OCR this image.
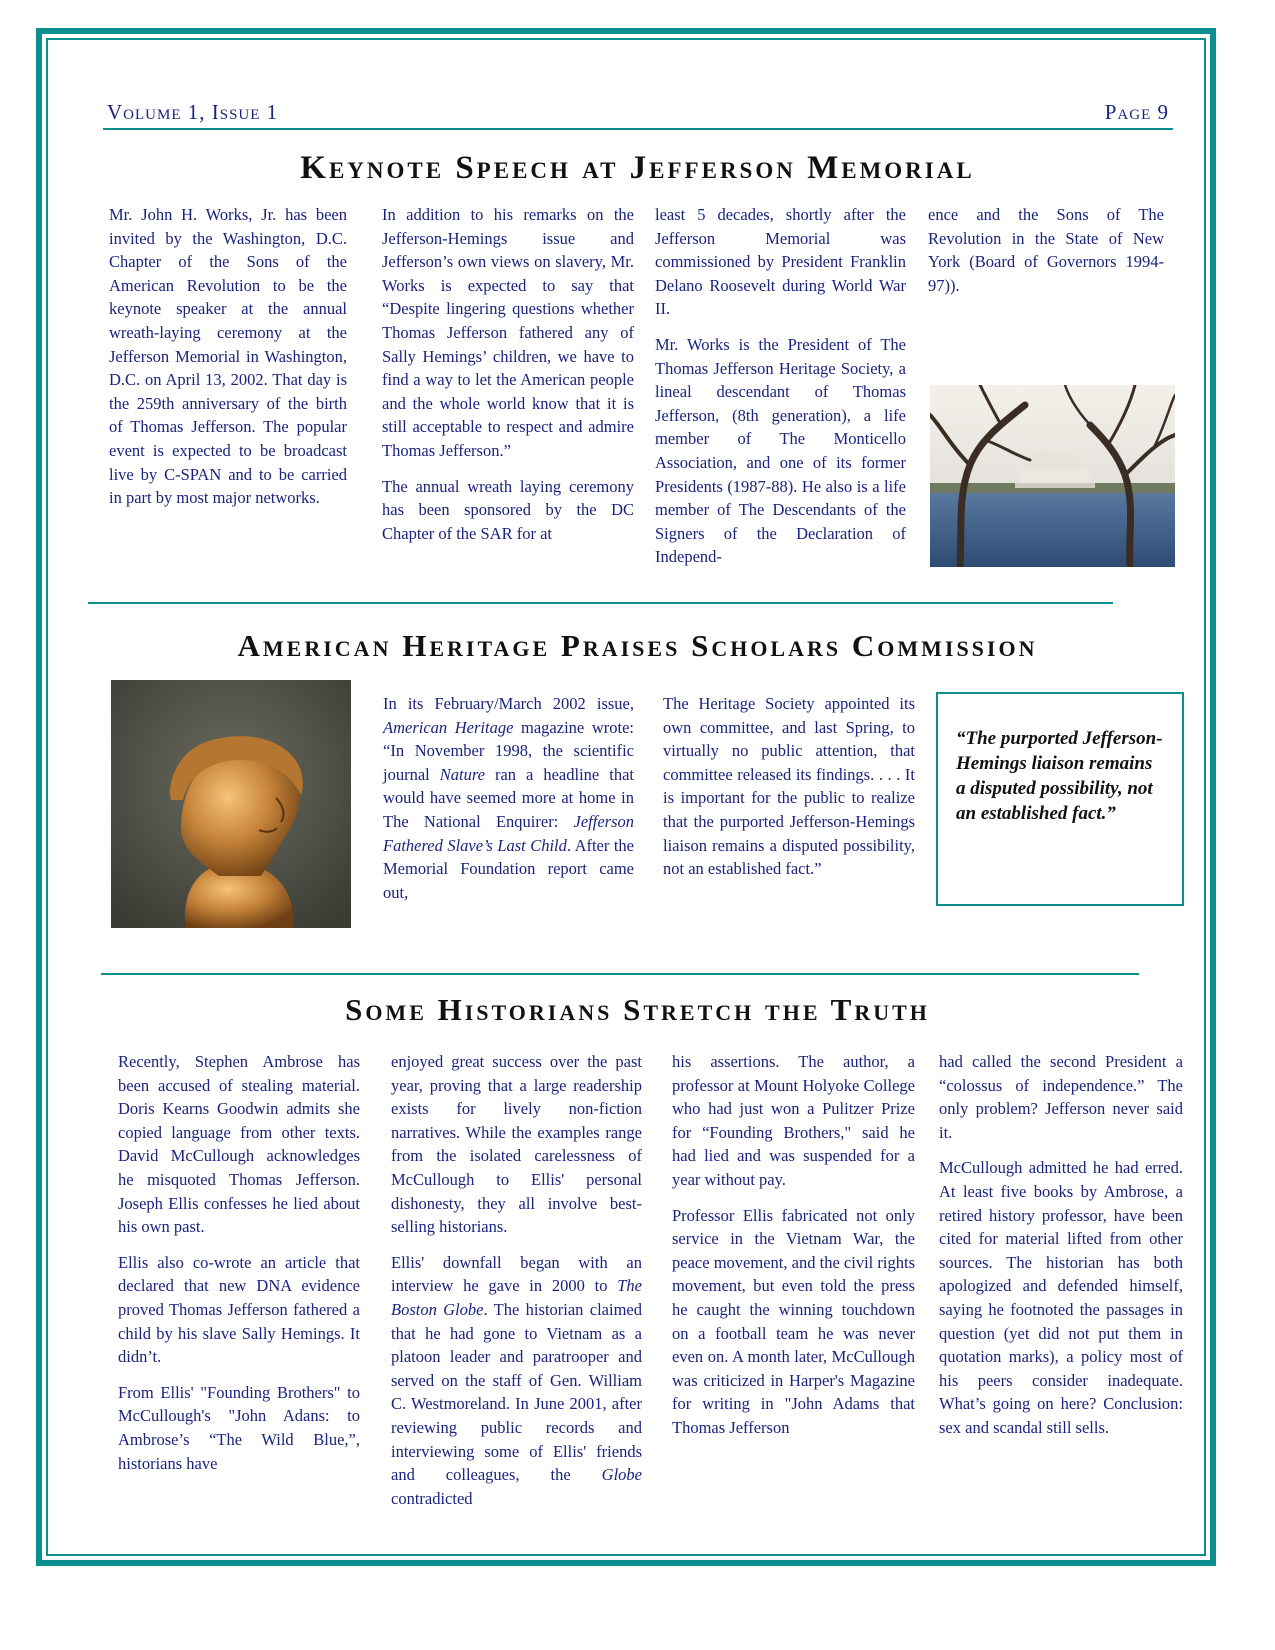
Volume 1, Issue 1	Page 9
Keynote Speech at Jefferson Memorial

Mr. John H. Works, Jr. has been invited by the Washington, D.C. Chapter of the Sons of the American Revolution to be the keynote speaker at the annual wreath-laying ceremony at the Jefferson Memorial in Washington, D.C. on April 13, 2002. That day is the 259th anniversary of the birth of Thomas Jefferson. The popular event is expected to be broadcast live by C-SPAN and to be carried in part by most major networks.

In addition to his remarks on the Jefferson-Hemings issue and Jefferson’s own views on slavery, Mr. Works is expected to say that “Despite lingering questions whether Thomas Jefferson fathered any of Sally Hemings’ children, we have to find a way to let the American people and the whole world know that it is still acceptable to respect and admire Thomas Jefferson.”

The annual wreath laying ceremony has been sponsored by the DC Chapter of the SAR for at

least 5 decades, shortly after the Jefferson Memorial was commissioned by President Franklin Delano Roosevelt during World War II.

Mr. Works is the President of The Thomas Jefferson Heritage Society, a lineal descendant of Thomas Jefferson, (8th generation), a life member of The Monticello Association, and one of its former Presidents (1987-88). He also is a life member of The Descendants of the Signers of the Declaration of Independ-

ence and the Sons of The Revolution in the State of New York (Board of Governors 1994-97)).

American Heritage Praises Scholars Commission

In its February/March 2002 issue, American Heritage magazine wrote: “In November 1998, the scientific journal Nature ran a headline that would have seemed more at home in The National Enquirer: Jefferson Fathered Slave’s Last Child. After the Memorial Foundation report came out,

The Heritage Society appointed its own committee, and last Spring, to virtually no public attention, that committee released its findings. . . . It is important for the public to realize that the purported Jefferson-Hemings liaison remains a disputed possibility, not an established fact.”

“The purported Jefferson-Hemings liaison remains a disputed possibility, not an established fact.”
Some Historians Stretch the Truth

Recently, Stephen Ambrose has been accused of stealing material. Doris Kearns Goodwin admits she copied language from other texts. David McCullough acknowledges he misquoted Thomas Jefferson. Joseph Ellis confesses he lied about his own past.

Ellis also co-wrote an article that declared that new DNA evidence proved Thomas Jefferson fathered a child by his slave Sally Hemings. It didn’t.

From Ellis' "Founding Brothers" to McCullough's "John Adans: to Ambrose’s “The Wild Blue,”, historians have

enjoyed great success over the past year, proving that a large readership exists for lively non-fiction narratives. While the examples range from the isolated carelessness of McCullough to Ellis' personal dishonesty, they all involve best-selling historians.

Ellis' downfall began with an interview he gave in 2000 to The Boston Globe. The historian claimed that he had gone to Vietnam as a platoon leader and paratrooper and served on the staff of Gen. William C. Westmoreland. In June 2001, after reviewing public records and interviewing some of Ellis' friends and colleagues, the Globe contradicted

his assertions. The author, a professor at Mount Holyoke College who had just won a Pulitzer Prize for “Founding Brothers," said he had lied and was suspended for a year without pay.

Professor Ellis fabricated not only service in the Vietnam War, the peace movement, and the civil rights movement, but even told the press he caught the winning touchdown on a football team he was never even on. A month later, McCullough was criticized in Harper's Magazine for writing in "John Adams that Thomas Jefferson

had called the second President a “colossus of independence.” The only problem? Jefferson never said it.

McCullough admitted he had erred. At least five books by Ambrose, a retired history professor, have been cited for material lifted from other sources. The historian has both apologized and defended himself, saying he footnoted the passages in question (yet did not put them in quotation marks), a policy most of his peers consider inadequate. What’s going on here? Conclusion: sex and scandal still sells.
